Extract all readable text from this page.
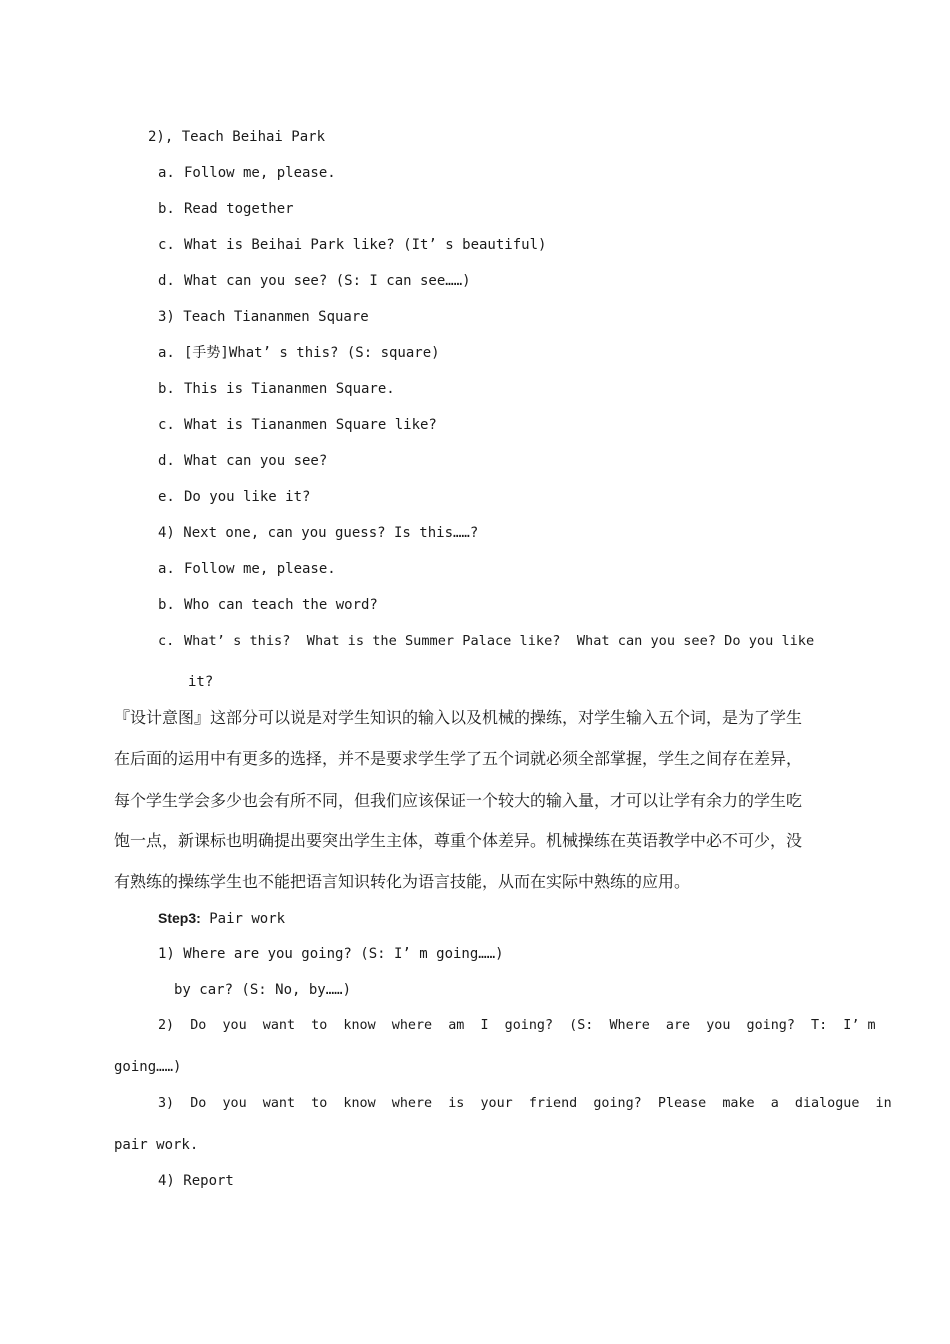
2), Teach Beihai Park
a. Follow me, please.
b. Read together
c. What is Beihai Park like? (It’ s beautiful)
d. What can you see? (S: I can see……)
3) Teach Tiananmen Square
a. [手势]What’ s this? (S: square)
b. This is Tiananmen Square.
c. What is Tiananmen Square like?
d. What can you see?
e. Do you like it?
4) Next one, can you guess? Is this……?
a. Follow me, please.
b. Who can teach the word?
c. What’ s this?  What is the Summer Palace like?  What can you see? Do you like
it?
『设计意图』这部分可以说是对学生知识的输入以及机械的操练，对学生输入五个词，是为了学生
在后面的运用中有更多的选择，并不是要求学生学了五个词就必须全部掌握，学生之间存在差异，
每个学生学会多少也会有所不同，但我们应该保证一个较大的输入量，才可以让学有余力的学生吃
饱一点，新课标也明确提出要突出学生主体，尊重个体差异。机械操练在英语教学中必不可少，没
有熟练的操练学生也不能把语言知识转化为语言技能，从而在实际中熟练的应用。
Step3: Pair work
1) Where are you going? (S: I’ m going……)
by car? (S: No, by……)
2)  Do  you  want  to  know  where  am  I  going?  (S:  Where  are  you  going?  T:  I’ m
going……)
3)  Do  you  want  to  know  where  is  your  friend  going?  Please  make  a  dialogue  in
pair work.
4) Report
